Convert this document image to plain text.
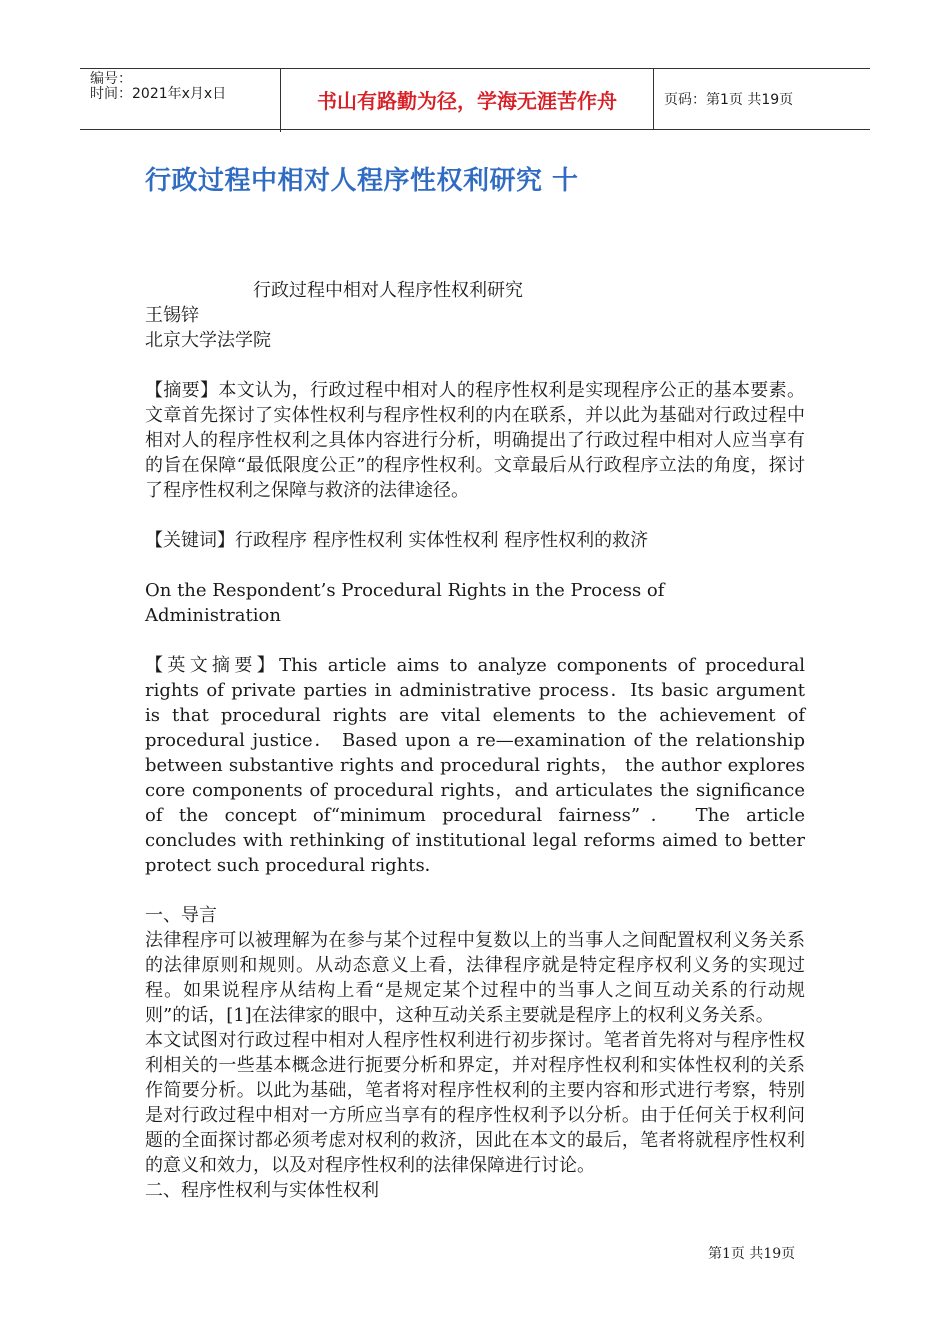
编号：
时间：2021年x月x日	书山有路勤为径，学海无涯苦作舟	页码：第1页 共19页
行政过程中相对人程序性权利研究 十

行政过程中相对人程序性权利研究

王锡锌

北京大学法学院

【摘要】本文认为，行政过程中相对人的程序性权利是实现程序公正的基本要素。文章首先探讨了实体性权利与程序性权利的内在联系，并以此为基础对行政过程中相对人的程序性权利之具体内容进行分析，明确提出了行政过程中相对人应当享有的旨在保障“最低限度公正”的程序性权利。文章最后从行政程序立法的角度，探讨了程序性权利之保障与救济的法律途径。

【关键词】行政程序 程序性权利 实体性权利 程序性权利的救济

On the Respondent’s Procedural Rights in the Process of Administration

【英文摘要】This article aims to analyze components of procedural rights of private parties in administrative process．Its basic argument is that procedural rights are vital elements to the achievement of procedural justice． Based upon a re—examination of the relationship between substantive rights and procedural rights， the author explores core components of procedural rights，and articulates the significance of the concept of“minimum procedural fairness”． The article concludes with rethinking of institutional legal reforms aimed to better protect such procedural rights．

一、导言

法律程序可以被理解为在参与某个过程中复数以上的当事人之间配置权利义务关系的法律原则和规则。从动态意义上看，法律程序就是特定程序权利义务的实现过程。如果说程序从结构上看“是规定某个过程中的当事人之间互动关系的行动规则”的话，[1]在法律家的眼中，这种互动关系主要就是程序上的权利义务关系。

本文试图对行政过程中相对人程序性权利进行初步探讨。笔者首先将对与程序性权利相关的一些基本概念进行扼要分析和界定，并对程序性权利和实体性权利的关系作简要分析。以此为基础，笔者将对程序性权利的主要内容和形式进行考察，特别是对行政过程中相对一方所应当享有的程序性权利予以分析。由于任何关于权利问题的全面探讨都必须考虑对权利的救济，因此在本文的最后，笔者将就程序性权利的意义和效力，以及对程序性权利的法律保障进行讨论。

二、程序性权利与实体性权利

第1页 共19页
